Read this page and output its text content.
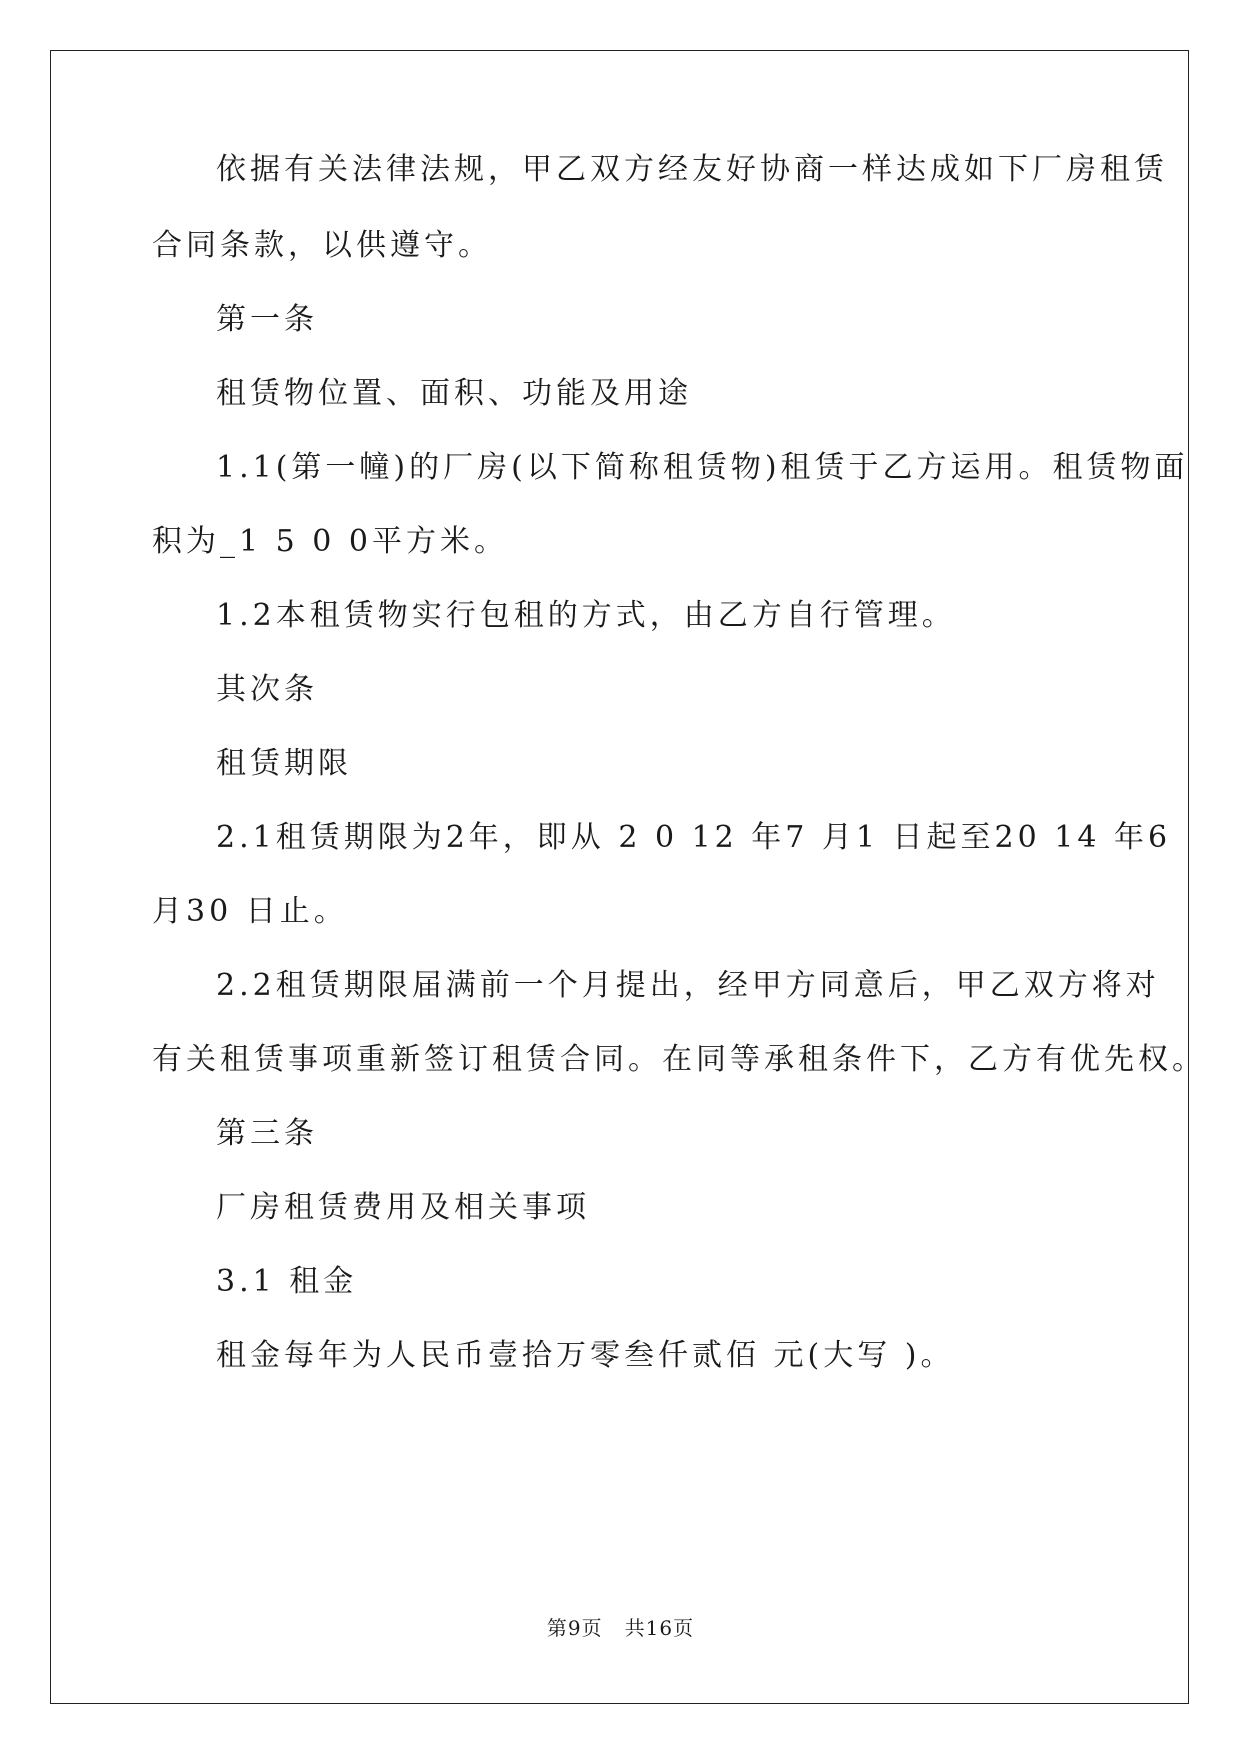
依据有关法律法规，甲乙双方经友好协商一样达成如下厂房租赁
合同条款，以供遵守。
第一条
租赁物位置、面积、功能及用途
1.1(第一幢)的厂房(以下简称租赁物)租赁于乙方运用。租赁物面
积为_1 5 0 0平方米。
1.2本租赁物实行包租的方式，由乙方自行管理。
其次条
租赁期限
2.1租赁期限为2年，即从 2 0 12 年7 月1 日起至20 14 年6
月30 日止。
2.2租赁期限届满前一个月提出，经甲方同意后，甲乙双方将对
有关租赁事项重新签订租赁合同。在同等承租条件下，乙方有优先权。
第三条
厂房租赁费用及相关事项
3.1 租金
租金每年为人民币壹拾万零叁仟贰佰 元(大写 )。
第9页 共16页
